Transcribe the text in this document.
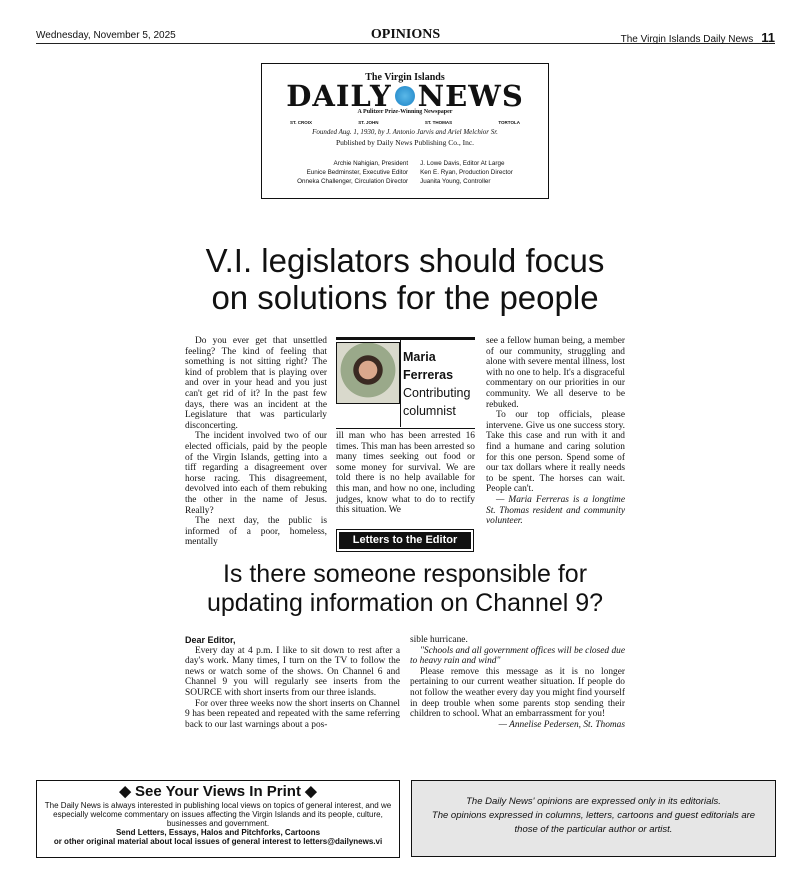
Wednesday, November 5, 2025	OPINIONS	The Virgin Islands Daily News 11
The Virgin Islands
DAILY NEWS
A Pulitzer Prize-Winning Newspaper
ST. CROIX	ST. JOHN	ST. THOMAS	TORTOLA
Founded Aug. 1, 1930, by J. Antonio Jarvis and Ariel Melchior Sr.
Published by Daily News Publishing Co., Inc.
Archie Nahigian, President
Eunice Bedminster, Executive Editor
Onneka Challenger, Circulation Director
J. Lowe Davis, Editor At Large
Ken E. Ryan, Production Director
Juanita Young, Controller
V.I. legislators should focus
on solutions for the people

Do you ever get that unsettled feeling? The kind of feeling that something is not sitting right? The kind of problem that is playing over and over in your head and you just can't get rid of it? In the past few days, there was an incident at the Legislature that was particularly disconcerting.

The incident involved two of our elected officials, paid by the people of the Virgin Islands, getting into a tiff regarding a disagreement over horse racing. This disagreement, devolved into each of them rebuking the other in the name of Jesus. Really?

The next day, the public is informed of a poor, homeless, mentally

Maria
Ferreras
Contributing
columnist
ill man who has been arrested 16 times. This man has been arrested so many times seeking out food or some money for survival. We are told there is no help available for this man, and how no one, including judges, know what to do to rectify this situation. We
see a fellow human being, a member of our community, struggling and alone with severe mental illness, lost with no one to help. It's a disgraceful commentary on our priorities in our community. We all deserve to be rebuked.

To our top officials, please intervene. Give us one success story. Take this case and run with it and find a humane and caring solution for this one person. Spend some of our tax dollars where it really needs to be spent. The horses can wait. People can't.

— Maria Ferreras is a longtime St. Thomas resident and community volunteer.

Letters to the Editor
Is there someone responsible for
updating information on Channel 9?
Dear Editor,

Every day at 4 p.m. I like to sit down to rest after a day's work. Many times, I turn on the TV to follow the news or watch some of the shows. On Channel 6 and Channel 9 you will regularly see inserts from the SOURCE with short inserts from our three islands.

For over three weeks now the short inserts on Channel 9 has been repeated and repeated with the same referring back to our last warnings about a pos-

sible hurricane.

"Schools and all government offices will be closed due to heavy rain and wind"

Please remove this message as it is no longer pertaining to our current weather situation. If people do not follow the weather every day you might find yourself in deep trouble when some parents stop sending their children to school. What an embarrassment for you!

— Annelise Pedersen, St. Thomas
◆ See Your Views In Print ◆
The Daily News is always interested in publishing local views on topics of general interest, and we especially welcome commentary on issues affecting the Virgin Islands and its people, culture, businesses and government.
Send Letters, Essays, Halos and Pitchforks, Cartoons
or other original material about local issues of general interest to letters@dailynews.vi
The Daily News' opinions are expressed only in its editorials.
The opinions expressed in columns, letters, cartoons and guest editorials are those of the particular author or artist.
